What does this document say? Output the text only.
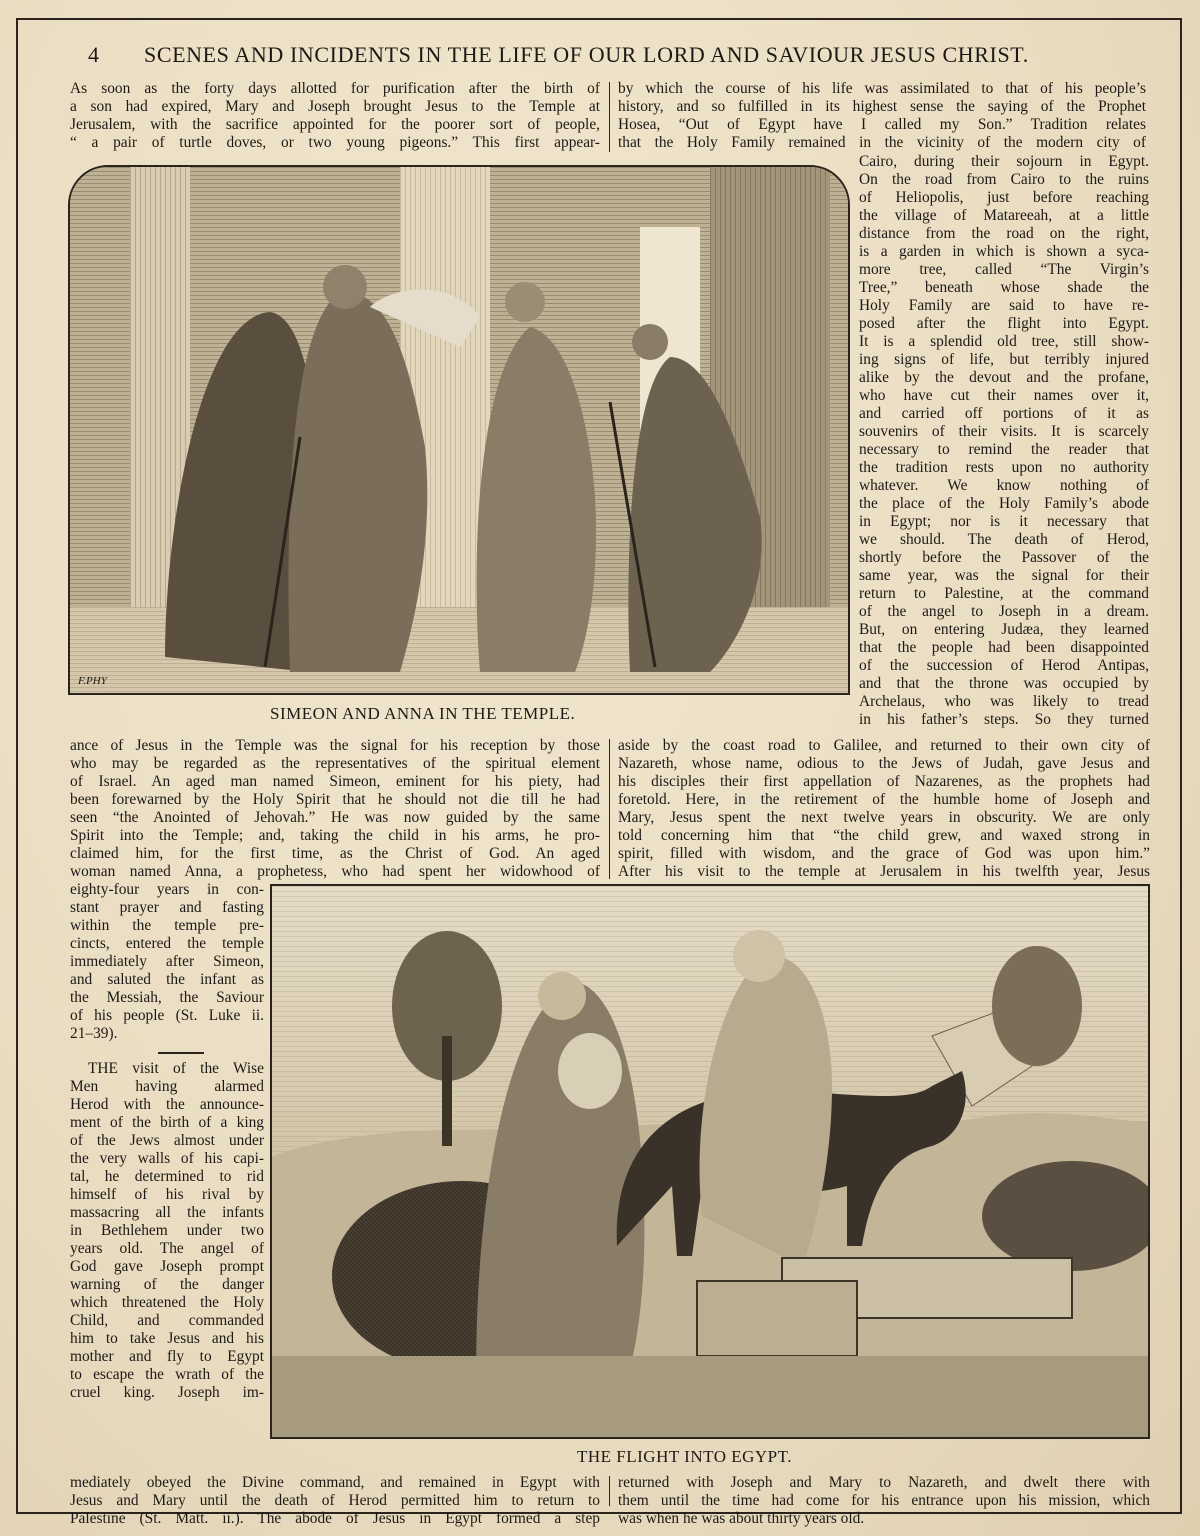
4 SCENES AND INCIDENTS IN THE LIFE OF OUR LORD AND SAVIOUR JESUS CHRIST.

As soon as the forty days allotted for purification after the birth of

a son had expired, Mary and Joseph brought Jesus to the Temple at

Jerusalem, with the sacrifice appointed for the poorer sort of people,

“ a pair of turtle doves, or two young pigeons.” This first appear-

by which the course of his life was assimilated to that of his people’s

history, and so fulfilled in its highest sense the saying of the Prophet

Hosea, “Out of Egypt have I called my Son.” Tradition relates

that the Holy Family remained in the vicinity of the modern city of

F.PHY
SIMEON AND ANNA IN THE TEMPLE.

Cairo, during their sojourn in Egypt.

On the road from Cairo to the ruins

of Heliopolis, just before reaching

the village of Matareeah, at a little

distance from the road on the right,

is a garden in which is shown a syca-

more tree, called “The Virgin’s

Tree,” beneath whose shade the

Holy Family are said to have re-

posed after the flight into Egypt.

It is a splendid old tree, still show-

ing signs of life, but terribly injured

alike by the devout and the profane,

who have cut their names over it,

and carried off portions of it as

souvenirs of their visits. It is scarcely

necessary to remind the reader that

the tradition rests upon no authority

whatever. We know nothing of

the place of the Holy Family’s abode

in Egypt; nor is it necessary that

we should. The death of Herod,

shortly before the Passover of the

same year, was the signal for their

return to Palestine, at the command

of the angel to Joseph in a dream.

But, on entering Judæa, they learned

that the people had been disappointed

of the succession of Herod Antipas,

and that the throne was occupied by

Archelaus, who was likely to tread

in his father’s steps. So they turned

ance of Jesus in the Temple was the signal for his reception by those

who may be regarded as the representatives of the spiritual element

of Israel. An aged man named Simeon, eminent for his piety, had

been forewarned by the Holy Spirit that he should not die till he had

seen “the Anointed of Jehovah.” He was now guided by the same

Spirit into the Temple; and, taking the child in his arms, he pro-

claimed him, for the first time, as the Christ of God. An aged

woman named Anna, a prophetess, who had spent her widowhood of

aside by the coast road to Galilee, and returned to their own city of

Nazareth, whose name, odious to the Jews of Judah, gave Jesus and

his disciples their first appellation of Nazarenes, as the prophets had

foretold. Here, in the retirement of the humble home of Joseph and

Mary, Jesus spent the next twelve years in obscurity. We are only

told concerning him that “the child grew, and waxed strong in

spirit, filled with wisdom, and the grace of God was upon him.”

After his visit to the temple at Jerusalem in his twelfth year, Jesus

eighty-four years in con-

stant prayer and fasting

within the temple pre-

cincts, entered the temple

immediately after Simeon,

and saluted the infant as

the Messiah, the Saviour

of his people (St. Luke ii.

21–39).

THE visit of the Wise

Men having alarmed

Herod with the announce-

ment of the birth of a king

of the Jews almost under

the very walls of his capi-

tal, he determined to rid

himself of his rival by

massacring all the infants

in Bethlehem under two

years old. The angel of

God gave Joseph prompt

warning of the danger

which threatened the Holy

Child, and commanded

him to take Jesus and his

mother and fly to Egypt

to escape the wrath of the

cruel king. Joseph im-

THE FLIGHT INTO EGYPT.

mediately obeyed the Divine command, and remained in Egypt with

Jesus and Mary until the death of Herod permitted him to return to

Palestine (St. Matt. ii.). The abode of Jesus in Egypt formed a step

returned with Joseph and Mary to Nazareth, and dwelt there with

them until the time had come for his entrance upon his mission, which

was when he was about thirty years old.
